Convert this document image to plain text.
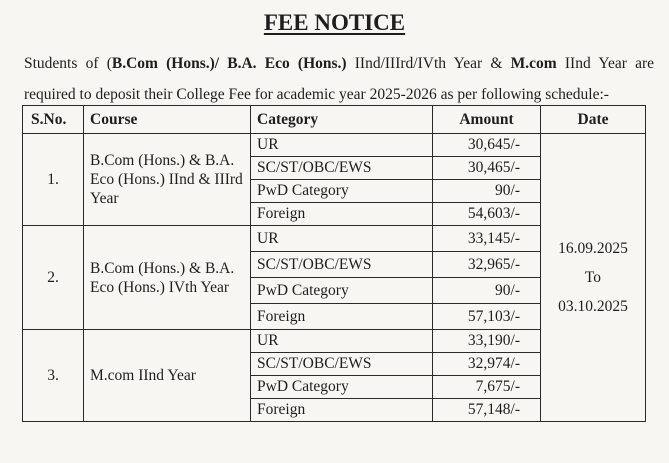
FEE NOTICE
Students of (B.Com (Hons.)/ B.A. Eco (Hons.) IInd/IIIrd/IVth Year & M.com IInd Year are
required to deposit their College Fee for academic year 2025-2026 as per following schedule:-
S.No.	Course	Category	Amount	Date
1.	B.Com (Hons.) & B.A. Eco (Hons.) IInd & IIIrd Year	UR	30,645/-	16.09.2025
To
03.10.2025
		SC/ST/OBC/EWS	30,465/-	
		PwD Category	90/-	
		Foreign	54,603/-	
2.	B.Com (Hons.) & B.A. Eco (Hons.) IVth Year	UR	33,145/-	
		SC/ST/OBC/EWS	32,965/-	
		PwD Category	90/-	
		Foreign	57,103/-	
3.	M.com IInd Year	UR	33,190/-	
		SC/ST/OBC/EWS	32,974/-	
		PwD Category	7,675/-	
		Foreign	57,148/-	
